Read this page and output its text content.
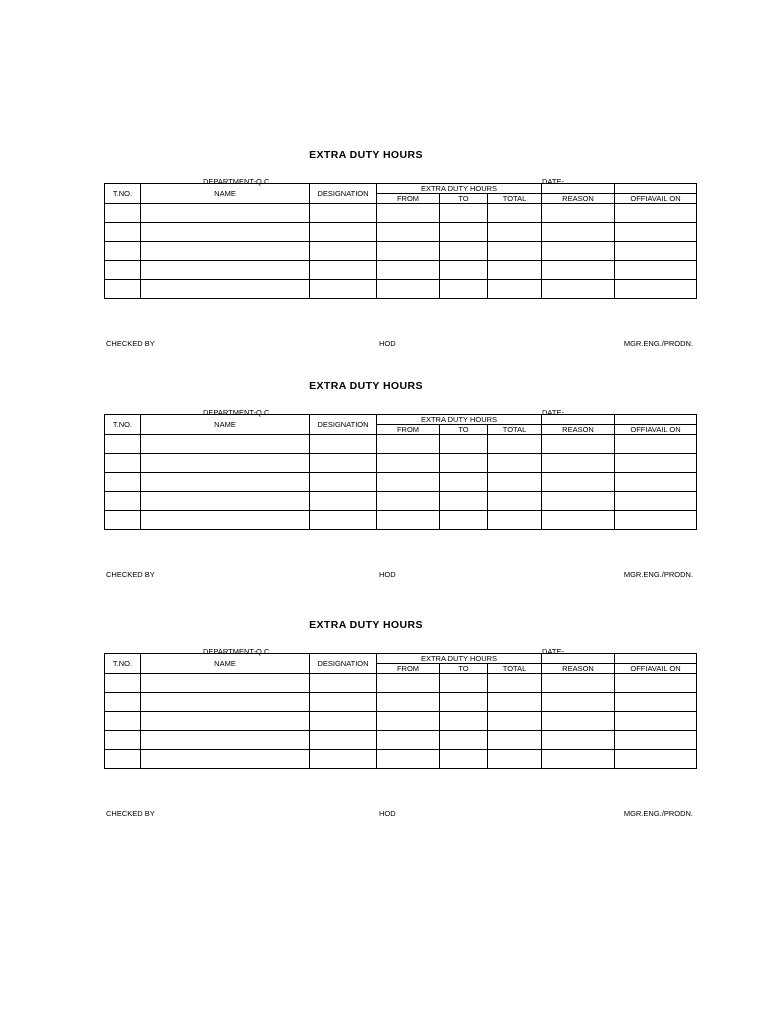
EXTRA DUTY HOURS
DEPARTMENT-Q.C.	DATE-.......
T.NO.	NAME	DESIGNATION	EXTRA DUTY HOURS				
			FROM	TO	TOTAL	REASON	OFFIAVAIL ON

CHECKED BY	HOD	MGR.ENG./PRODN.
EXTRA DUTY HOURS
DEPARTMENT-Q.C.	DATE-.......
T.NO.	NAME	DESIGNATION	EXTRA DUTY HOURS				
			FROM	TO	TOTAL	REASON	OFFIAVAIL ON

CHECKED BY	HOD	MGR.ENG./PRODN.
EXTRA DUTY HOURS
DEPARTMENT-Q.C.	DATE-.......
T.NO.	NAME	DESIGNATION	EXTRA DUTY HOURS				
			FROM	TO	TOTAL	REASON	OFFIAVAIL ON

CHECKED BY	HOD	MGR.ENG./PRODN.
